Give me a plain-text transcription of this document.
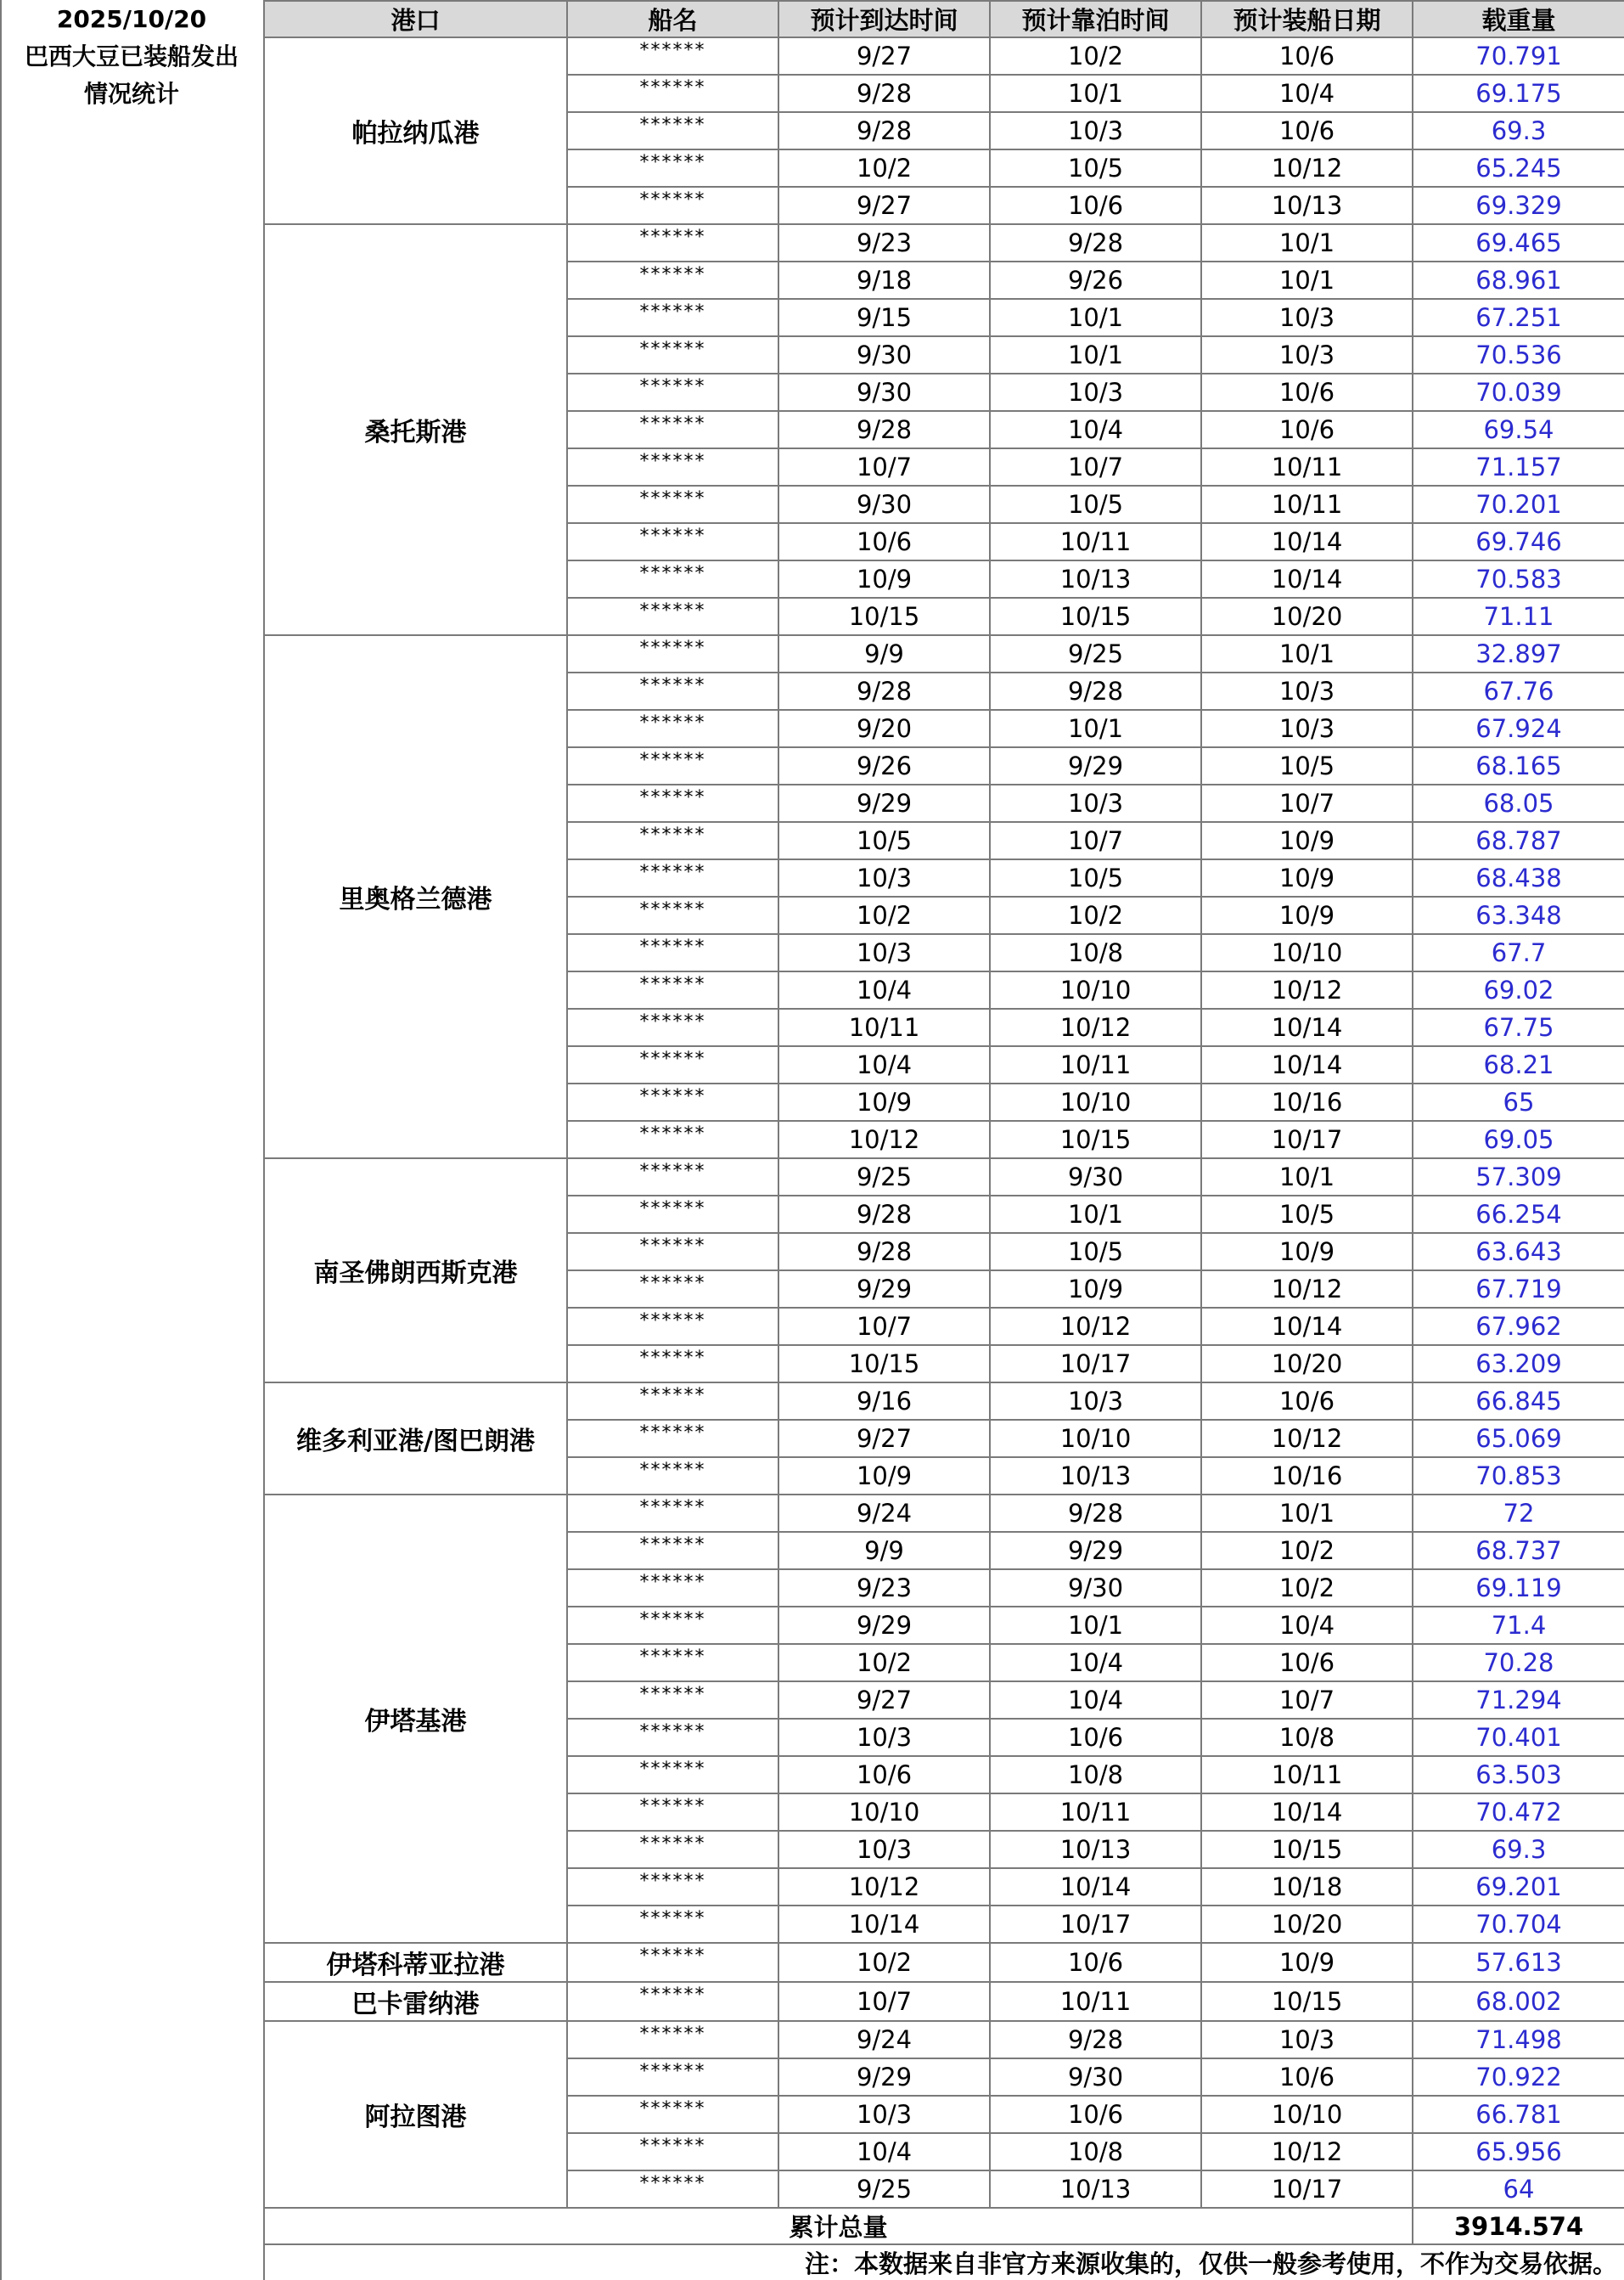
2025/10/20
巴西大豆已装船发出
情况统计
港口	船名	预计到达时间	预计靠泊时间	预计装船日期	载重量
帕拉纳瓜港	******	9/27	10/2	10/6	70.791
	******	9/28	10/1	10/4	69.175
	******	9/28	10/3	10/6	69.3
	******	10/2	10/5	10/12	65.245
	******	9/27	10/6	10/13	69.329
桑托斯港	******	9/23	9/28	10/1	69.465
	******	9/18	9/26	10/1	68.961
	******	9/15	10/1	10/3	67.251
	******	9/30	10/1	10/3	70.536
	******	9/30	10/3	10/6	70.039
	******	9/28	10/4	10/6	69.54
	******	10/7	10/7	10/11	71.157
	******	9/30	10/5	10/11	70.201
	******	10/6	10/11	10/14	69.746
	******	10/9	10/13	10/14	70.583
	******	10/15	10/15	10/20	71.11
里奥格兰德港	******	9/9	9/25	10/1	32.897
	******	9/28	9/28	10/3	67.76
	******	9/20	10/1	10/3	67.924
	******	9/26	9/29	10/5	68.165
	******	9/29	10/3	10/7	68.05
	******	10/5	10/7	10/9	68.787
	******	10/3	10/5	10/9	68.438
	******	10/2	10/2	10/9	63.348
	******	10/3	10/8	10/10	67.7
	******	10/4	10/10	10/12	69.02
	******	10/11	10/12	10/14	67.75
	******	10/4	10/11	10/14	68.21
	******	10/9	10/10	10/16	65
	******	10/12	10/15	10/17	69.05
南圣佛朗西斯克港	******	9/25	9/30	10/1	57.309
	******	9/28	10/1	10/5	66.254
	******	9/28	10/5	10/9	63.643
	******	9/29	10/9	10/12	67.719
	******	10/7	10/12	10/14	67.962
	******	10/15	10/17	10/20	63.209
维多利亚港/图巴朗港	******	9/16	10/3	10/6	66.845
	******	9/27	10/10	10/12	65.069
	******	10/9	10/13	10/16	70.853
伊塔基港	******	9/24	9/28	10/1	72
	******	9/9	9/29	10/2	68.737
	******	9/23	9/30	10/2	69.119
	******	9/29	10/1	10/4	71.4
	******	10/2	10/4	10/6	70.28
	******	9/27	10/4	10/7	71.294
	******	10/3	10/6	10/8	70.401
	******	10/6	10/8	10/11	63.503
	******	10/10	10/11	10/14	70.472
	******	10/3	10/13	10/15	69.3
	******	10/12	10/14	10/18	69.201
	******	10/14	10/17	10/20	70.704
伊塔科蒂亚拉港	******	10/2	10/6	10/9	57.613
巴卡雷纳港	******	10/7	10/11	10/15	68.002
阿拉图港	******	9/24	9/28	10/3	71.498
	******	9/29	9/30	10/6	70.922
	******	10/3	10/6	10/10	66.781
	******	10/4	10/8	10/12	65.956
	******	9/25	10/13	10/17	64
累计总量					3914.574
注：本数据来自非官方来源收集的，仅供一般参考使用，不作为交易依据。					
